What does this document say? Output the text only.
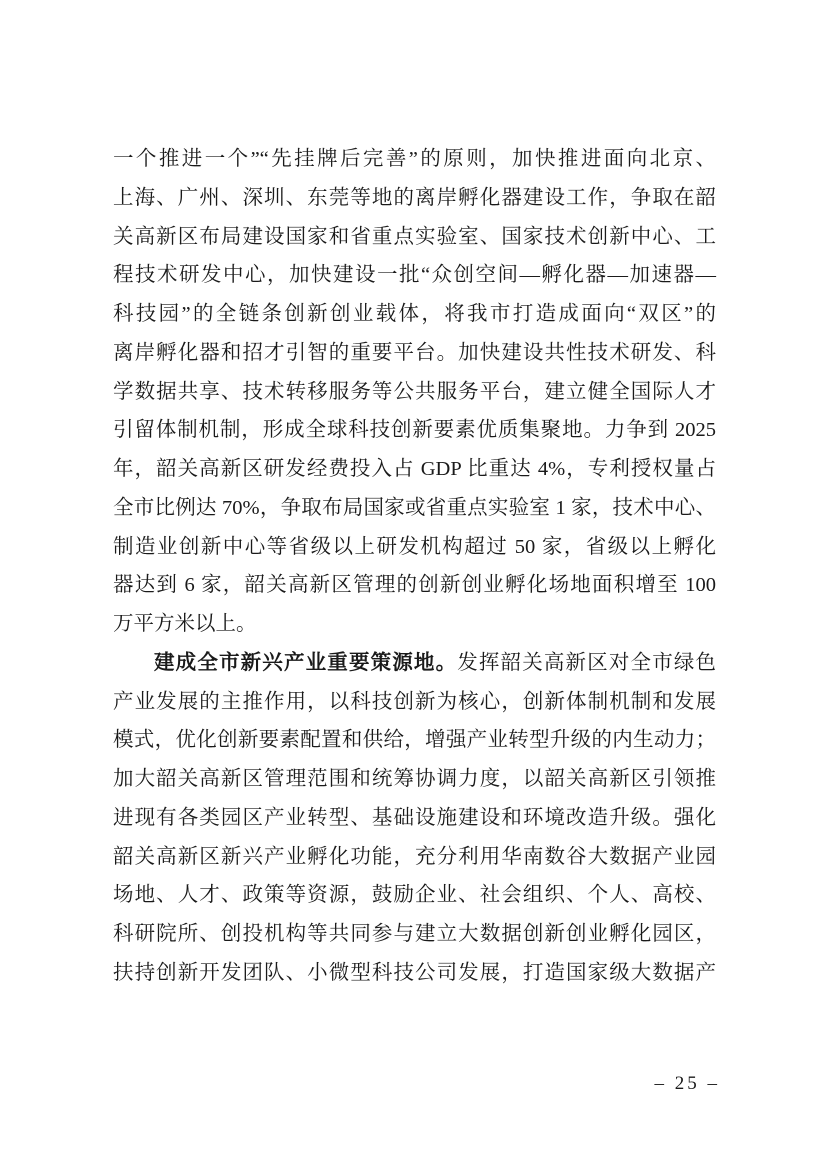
一个推进一个”“先挂牌后完善”的原则，加快推进面向北京、
上海、广州、深圳、东莞等地的离岸孵化器建设工作，争取在韶
关高新区布局建设国家和省重点实验室、国家技术创新中心、工
程技术研发中心，加快建设一批“众创空间—孵化器—加速器—
科技园”的全链条创新创业载体，将我市打造成面向“双区”的
离岸孵化器和招才引智的重要平台。加快建设共性技术研发、科
学数据共享、技术转移服务等公共服务平台，建立健全国际人才
引留体制机制，形成全球科技创新要素优质集聚地。力争到 2025
年，韶关高新区研发经费投入占 GDP 比重达 4%，专利授权量占
全市比例达 70%，争取布局国家或省重点实验室 1 家，技术中心、
制造业创新中心等省级以上研发机构超过 50 家，省级以上孵化
器达到 6 家，韶关高新区管理的创新创业孵化场地面积增至 100
万平方米以上。
建成全市新兴产业重要策源地。发挥韶关高新区对全市绿色
产业发展的主推作用，以科技创新为核心，创新体制机制和发展
模式，优化创新要素配置和供给，增强产业转型升级的内生动力；
加大韶关高新区管理范围和统筹协调力度，以韶关高新区引领推
进现有各类园区产业转型、基础设施建设和环境改造升级。强化
韶关高新区新兴产业孵化功能，充分利用华南数谷大数据产业园
场地、人才、政策等资源，鼓励企业、社会组织、个人、高校、
科研院所、创投机构等共同参与建立大数据创新创业孵化园区，
扶持创新开发团队、小微型科技公司发展，打造国家级大数据产
– 25 –
